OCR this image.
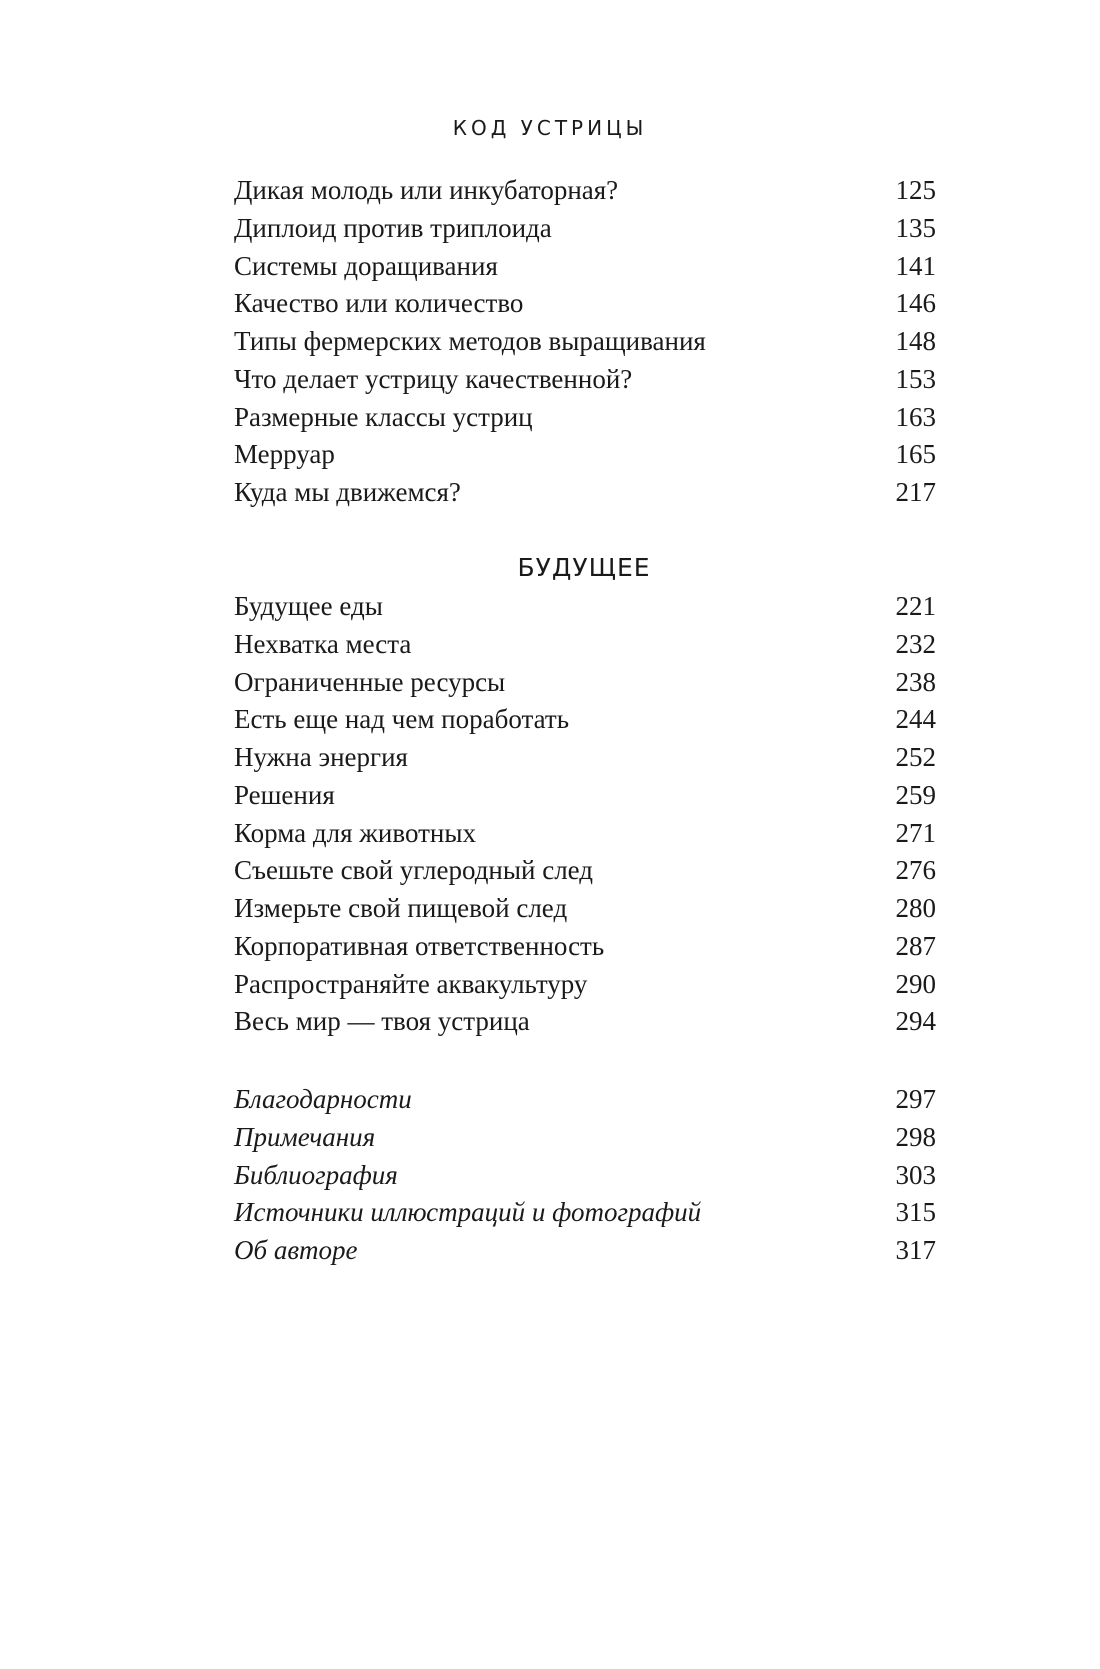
КОД УСТРИЦЫ
Дикая молодь или инкубаторная?	125
Диплоид против триплоида	135
Системы доращивания	141
Качество или количество	146
Типы фермерских методов выращивания	148
Что делает устрицу качественной?	153
Размерные классы устриц	163
Мерруар	165
Куда мы движемся?	217
БУДУЩЕЕ
Будущее еды	221
Нехватка места	232
Ограниченные ресурсы	238
Есть еще над чем поработать	244
Нужна энергия	252
Решения	259
Корма для животных	271
Съешьте свой углеродный след	276
Измерьте свой пищевой след	280
Корпоративная ответственность	287
Распространяйте аквакультуру	290
Весь мир — твоя устрица	294
Благодарности	297
Примечания	298
Библиография	303
Источники иллюстраций и фотографий	315
Об авторе	317
